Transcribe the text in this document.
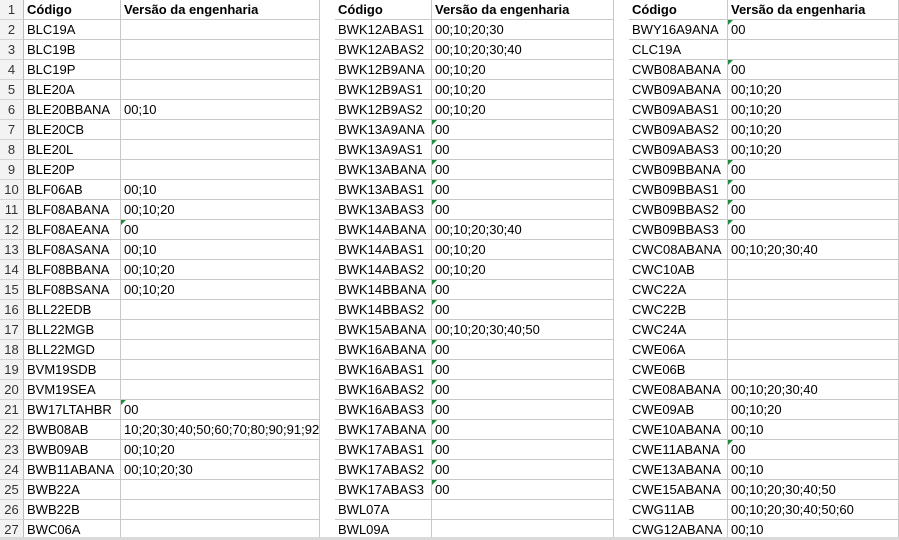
1
2
3
4
5
6
7
8
9
10
11
12
13
14
15
16
17
18
19
20
21
22
23
24
25
26
27
Código	Versão da engenharia
BLC19A
BLC19B
BLC19P
BLE20A
BLE20BBANA	00;10
BLE20CB
BLE20L
BLE20P
BLF06AB	00;10
BLF08ABANA	00;10;20
BLF08AEANA	00
BLF08ASANA	00;10
BLF08BBANA	00;10;20
BLF08BSANA	00;10;20
BLL22EDB
BLL22MGB
BLL22MGD
BVM19SDB
BVM19SEA
BW17LTAHBR 00
BWB08AB	10;20;30;40;50;60;70;80;90;91;92
BWB09AB	00;10;20
BWB11ABANA 00;10;20;30
BWB22A
BWB22B
BWC06A
Código	Versão da engenharia
BWK12ABAS1 00;10;20;30
BWK12ABAS2 00;10;20;30;40
BWK12B9ANA 00;10;20
BWK12B9AS1 00;10;20
BWK12B9AS2 00;10;20
BWK13A9ANA 00
BWK13A9AS1 00
BWK13ABANA 00
BWK13ABAS1 00
BWK13ABAS3 00
BWK14ABANA 00;10;20;30;40
BWK14ABAS1 00;10;20
BWK14ABAS2 00;10;20
BWK14BBANA 00
BWK14BBAS2 00
BWK15ABANA 00;10;20;30;40;50
BWK16ABANA 00
BWK16ABAS1 00
BWK16ABAS2 00
BWK16ABAS3 00
BWK17ABANA 00
BWK17ABAS1 00
BWK17ABAS2 00
BWK17ABAS3 00
BWL07A
BWL09A
Código	Versão da engenharia
BWY16A9ANA 00
CLC19A
CWB08ABANA 00
CWB09ABANA 00;10;20
CWB09ABAS1 00;10;20
CWB09ABAS2 00;10;20
CWB09ABAS3 00;10;20
CWB09BBANA 00
CWB09BBAS1 00
CWB09BBAS2 00
CWB09BBAS3 00
CWC08ABANA 00;10;20;30;40
CWC10AB
CWC22A
CWC22B
CWC24A
CWE06A
CWE06B
CWE08ABANA 00;10;20;30;40
CWE09AB	00;10;20
CWE10ABANA 00;10
CWE11ABANA 00
CWE13ABANA 00;10
CWE15ABANA 00;10;20;30;40;50
CWG11AB	00;10;20;30;40;50;60
CWG12ABANA 00;10
